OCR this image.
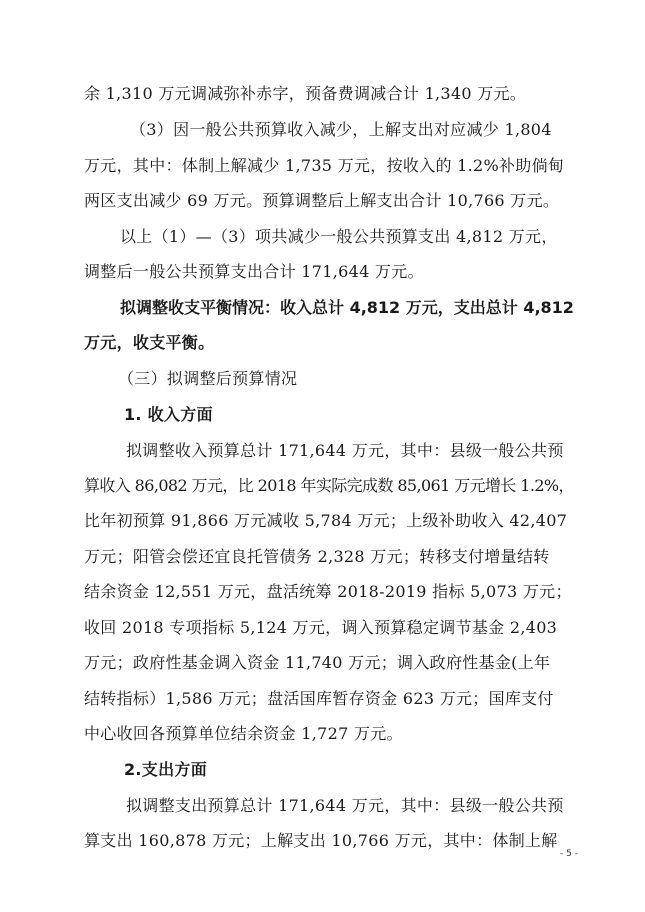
余 1,310 万元调减弥补赤字，预备费调减合计 1,340 万元。
（3）因一般公共预算收入减少，上解支出对应减少 1,804
万元，其中：体制上解减少 1,735 万元，按收入的 1.2%补助倘甸
两区支出减少 69 万元。预算调整后上解支出合计 10,766 万元。
以上（1）—（3）项共减少一般公共预算支出 4,812 万元，
调整后一般公共预算支出合计 171,644 万元。
拟调整收支平衡情况：收入总计 4,812 万元，支出总计 4,812
万元，收支平衡。
（三）拟调整后预算情况
1. 收入方面
拟调整收入预算总计 171,644 万元，其中：县级一般公共预
算收入 86,082 万元，比 2018 年实际完成数 85,061 万元增长 1.2%，
比年初预算 91,866 万元减收 5,784 万元；上级补助收入 42,407
万元；阳管会偿还宜良托管债务 2,328 万元；转移支付增量结转
结余资金 12,551 万元，盘活统筹 2018-2019 指标 5,073 万元；
收回 2018 专项指标 5,124 万元，调入预算稳定调节基金 2,403
万元；政府性基金调入资金 11,740 万元；调入政府性基金(上年
结转指标）1,586 万元；盘活国库暂存资金 623 万元；国库支付
中心收回各预算单位结余资金 1,727 万元。
2.支出方面
拟调整支出预算总计 171,644 万元，其中：县级一般公共预
算支出 160,878 万元；上解支出 10,766 万元，其中：体制上解
- 5 -
